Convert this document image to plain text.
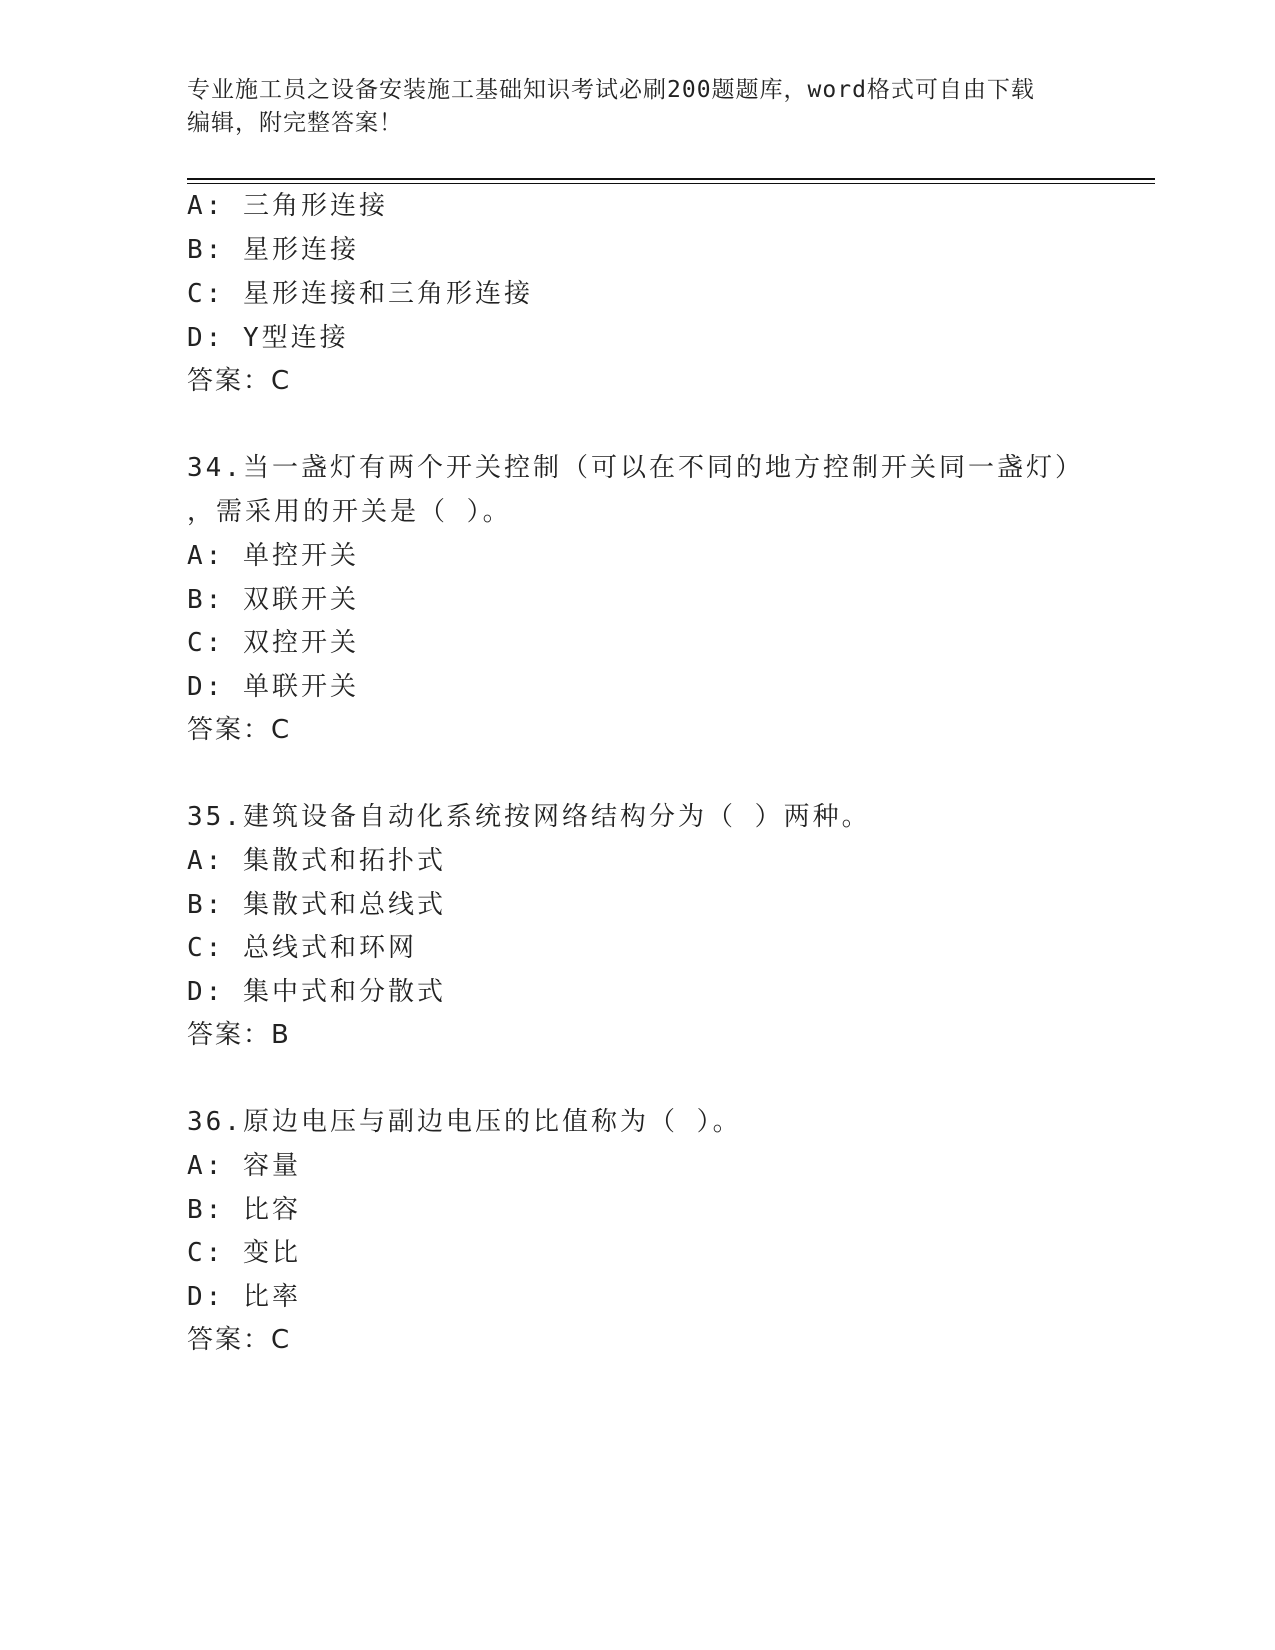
专业施工员之设备安装施工基础知识考试必刷200题题库，word格式可自由下载
编辑，附完整答案！
A: 三角形连接
B: 星形连接
C: 星形连接和三角形连接
D: Y型连接
答案：C
34.当一盏灯有两个开关控制（可以在不同的地方控制开关同一盏灯）
，需采用的开关是（ ）。
A: 单控开关
B: 双联开关
C: 双控开关
D: 单联开关
答案：C
35.建筑设备自动化系统按网络结构分为（ ）两种。
A: 集散式和拓扑式
B: 集散式和总线式
C: 总线式和环网
D: 集中式和分散式
答案：B
36.原边电压与副边电压的比值称为（ ）。
A: 容量
B: 比容
C: 变比
D: 比率
答案：C
